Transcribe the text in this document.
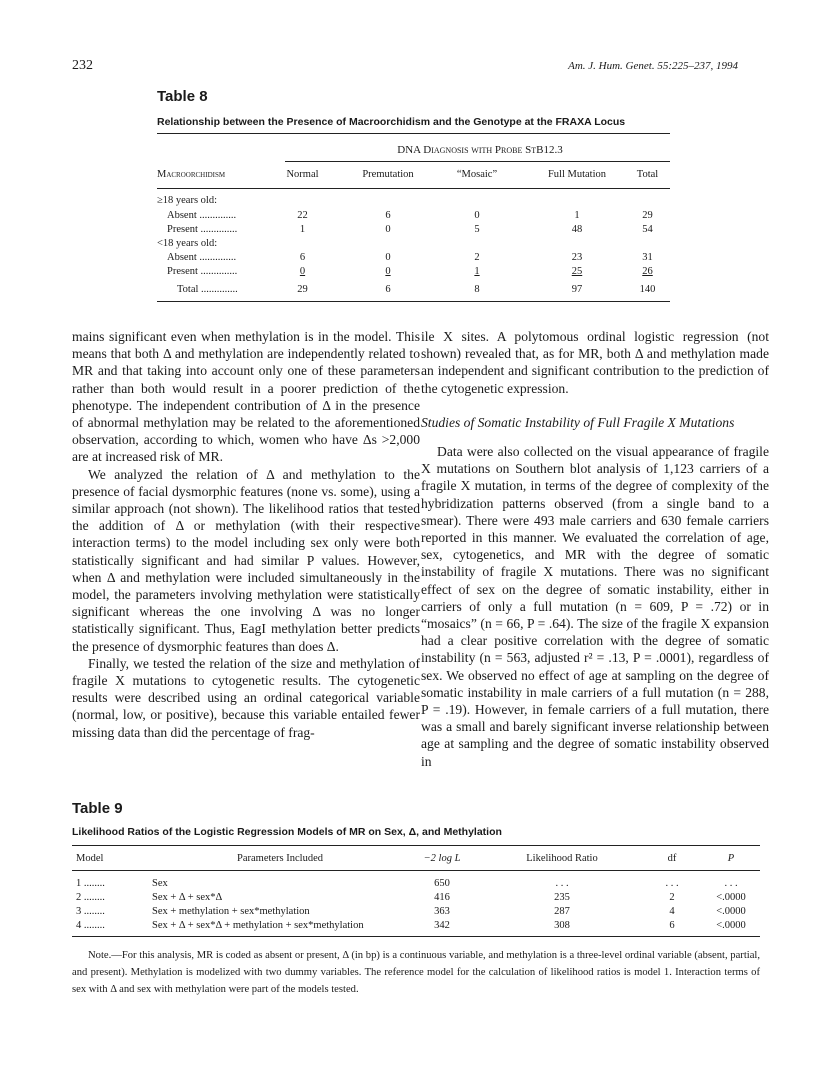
232	Am. J. Hum. Genet. 55:225–237, 1994
Table 8
Relationship between the Presence of Macroorchidism and the Genotype at the FRAXA Locus
DNA Diagnosis with Probe StB12.3
Macroorchidism	Normal	Premutation	“Mosaic”	Full Mutation	Total
≥18 years old:
Absent ..............	22	6	0	1	29
Present ..............	1	0	5	48	54
<18 years old:
Absent ..............	6	0	2	23	31
Present ..............	0	0	1	25	26
Total ..............	29	6	8	97	140

mains significant even when methylation is in the model. This means that both Δ and methylation are independently related to MR and that taking into account only one of these parameters rather than both would result in a poorer prediction of the phenotype. The independent contribution of Δ in the presence of abnormal methylation may be related to the aforementioned observation, according to which, women who have Δs >2,000 are at increased risk of MR.

We analyzed the relation of Δ and methylation to the presence of facial dysmorphic features (none vs. some), using a similar approach (not shown). The likelihood ratios that tested the addition of Δ or methylation (with their respective interaction terms) to the model including sex only were both statistically significant and had similar P values. However, when Δ and methylation were included simultaneously in the model, the parameters involving methylation were statistically significant whereas the one involving Δ was no longer statistically significant. Thus, EagI methylation better predicts the presence of dysmorphic features than does Δ.

Finally, we tested the relation of the size and methylation of fragile X mutations to cytogenetic results. The cytogenetic results were described using an ordinal categorical variable (normal, low, or positive), because this variable entailed fewer missing data than did the percentage of frag-

ile X sites. A polytomous ordinal logistic regression (not shown) revealed that, as for MR, both Δ and methylation made an independent and significant contribution to the prediction of the cytogenetic expression.

Studies of Somatic Instability of Full Fragile X Mutations

Data were also collected on the visual appearance of fragile X mutations on Southern blot analysis of 1,123 carriers of a fragile X mutation, in terms of the degree of complexity of the hybridization patterns observed (from a single band to a smear). There were 493 male carriers and 630 female carriers reported in this manner. We evaluated the correlation of age, sex, cytogenetics, and MR with the degree of somatic instability of fragile X mutations. There was no significant effect of sex on the degree of somatic instability, either in carriers of only a full mutation (n = 609, P = .72) or in “mosaics” (n = 66, P = .64). The size of the fragile X expansion had a clear positive correlation with the degree of somatic instability (n = 563, adjusted r² = .13, P = .0001), regardless of sex. We observed no effect of age at sampling on the degree of somatic instability in male carriers of a full mutation (n = 288, P = .19). However, in female carriers of a full mutation, there was a small and barely significant inverse relationship between age at sampling and the degree of somatic instability observed in

Table 9
Likelihood Ratios of the Logistic Regression Models of MR on Sex, Δ, and Methylation
Model	Parameters Included	−2 log L	Likelihood Ratio	df	P
1 ........	Sex	650	. . .	. . .	. . .
2 ........	Sex + Δ + sex*Δ	416	235	2	<.0000
3 ........	Sex + methylation + sex*methylation	363	287	4	<.0000
4 ........	Sex + Δ + sex*Δ + methylation + sex*methylation	342	308	6	<.0000
Note.—For this analysis, MR is coded as absent or present, Δ (in bp) is a continuous variable, and methylation is a three-level ordinal variable (absent, partial, and present). Methylation is modelized with two dummy variables. The reference model for the calculation of likelihood ratios is model 1. Interaction terms of sex with Δ and sex with methylation were part of the models tested.
